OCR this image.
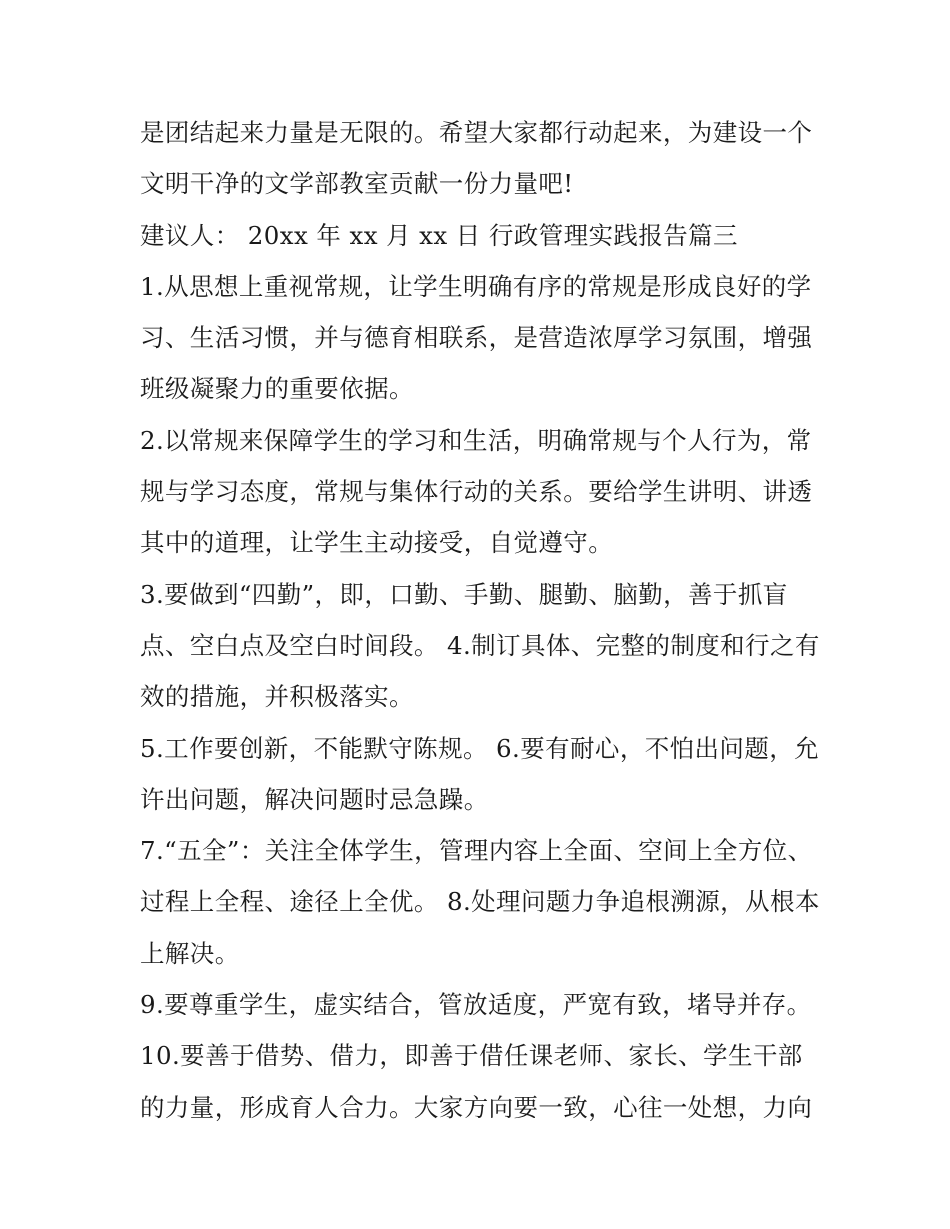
是团结起来力量是无限的。希望大家都行动起来，为建设一个
文明干净的文学部教室贡献一份力量吧!
建议人： 20xx 年 xx 月 xx 日 行政管理实践报告篇三
1.从思想上重视常规，让学生明确有序的常规是形成良好的学
习、生活习惯，并与德育相联系，是营造浓厚学习氛围，增强
班级凝聚力的重要依据。
2.以常规来保障学生的学习和生活，明确常规与个人行为，常
规与学习态度，常规与集体行动的关系。要给学生讲明、讲透
其中的道理，让学生主动接受，自觉遵守。
3.要做到“四勤”，即，口勤、手勤、腿勤、脑勤，善于抓盲
点、空白点及空白时间段。 4.制订具体、完整的制度和行之有
效的措施，并积极落实。
5.工作要创新，不能默守陈规。 6.要有耐心，不怕出问题，允
许出问题，解决问题时忌急躁。
7.“五全”：关注全体学生，管理内容上全面、空间上全方位、
过程上全程、途径上全优。 8.处理问题力争追根溯源，从根本
上解决。
9.要尊重学生，虚实结合，管放适度，严宽有致，堵导并存。
10.要善于借势、借力，即善于借任课老师、家长、学生干部
的力量，形成育人合力。大家方向要一致，心往一处想，力向
